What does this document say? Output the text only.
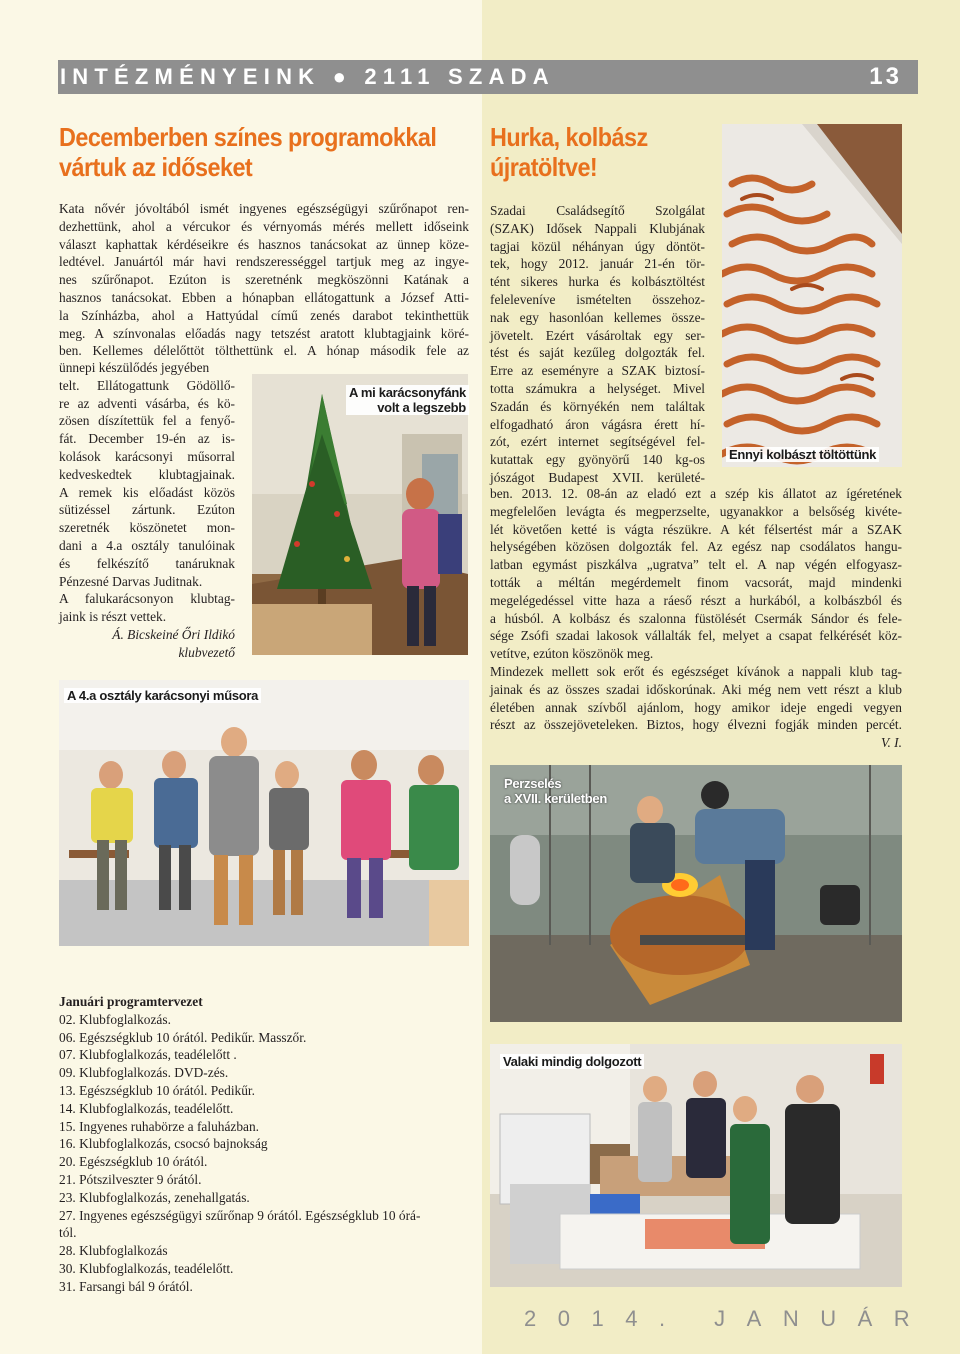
INTÉZMÉNYEINK ● 2111 SZADA	13
Decemberben színes programokkal
vártuk az időseket
Kata nővér jóvoltából ismét ingyenes egészségügyi szűrőnapot ren-
dezhettünk, ahol a vércukor és vérnyomás mérés mellett időseink
választ kaphattak kérdéseikre és hasznos tanácsokat az ünnep köze-
ledtével. Januártól már havi rendszerességgel tartjuk meg az ingye-
nes szűrőnapot. Ezúton is szeretnénk megköszönni Katának a
hasznos tanácsokat. Ebben a hónapban ellátogattunk a József Atti-
la Színházba, ahol a Hattyúdal című zenés darabot tekinthettük
meg. A színvonalas előadás nagy tetszést aratott klubtagjaink köré-
ben. Kellemes délelőttöt tölthettünk el. A hónap második fele az
ünnepi készülődés jegyében
telt. Ellátogattunk Gödöllő-
re az adventi vásárba, és kö-
zösen díszítettük fel a fenyő-
fát. December 19-én az is-
kolások karácsonyi műsorral
kedveskedtek klubtagjainak.
A remek kis előadást közös
sütizéssel zártunk. Ezúton
szeretnék köszönetet mon-
dani a 4.a osztály tanulóinak
és felkészítő tanáruknak
Pénzesné Darvas Juditnak.
A falukarácsonyon klubtag-
jaink is részt vettek.
Á. Bicskeiné Őri Ildikó
klubvezető
A mi karácsonyfánk
volt a legszebb
A 4.a osztály karácsonyi műsora
Januári programtervezet
02. Klubfoglalkozás.
06. Egészségklub 10 órától. Pedikűr. Masszőr.
07. Klubfoglalkozás, teadélelőtt .
09. Klubfoglalkozás. DVD-zés.
13. Egészségklub 10 órától. Pedikűr.
14. Klubfoglalkozás, teadélelőtt.
15. Ingyenes ruhabörze a faluházban.
16. Klubfoglalkozás, csocsó bajnokság
20. Egészségklub 10 órától.
21. Pótszilveszter 9 órától.
23. Klubfoglalkozás, zenehallgatás.
27. Ingyenes egészségügyi szűrőnap 9 órától. Egészségklub 10 órá-
tól.
28. Klubfoglalkozás
30. Klubfoglalkozás, teadélelőtt.
31. Farsangi bál 9 órától.
Hurka, kolbász
újratöltve!
Ennyi kolbászt töltöttünk
Szadai Családsegítő Szolgálat
(SZAK) Idősek Nappali Klubjának
tagjai közül néhányan úgy döntöt-
tek, hogy 2012. január 21-én tör-
tént sikeres hurka és kolbásztöltést
feleleveníve ismételten összehoz-
nak egy hasonlóan kellemes össze-
jövetelt. Ezért vásároltak egy ser-
tést és saját kezűleg dolgozták fel.
Erre az eseményre a SZAK biztosí-
totta számukra a helységet. Mivel
Szadán és környékén nem találtak
elfogadható áron vágásra érett hí-
zót, ezért internet segítségével fel-
kutattak egy gyönyörű 140 kg-os
jószágot Budapest XVII. kerületé-
ben. 2013. 12. 08-án az eladó ezt a szép kis állatot az ígéretének
megfelelően levágta és megperzselte, ugyanakkor a belsőség kivéte-
lét követően ketté is vágta részükre. A két félsertést már a SZAK
helységében közösen dolgozták fel. Az egész nap csodálatos hangu-
latban egymást piszkálva „ugratva” telt el. A nap végén elfogyasz-
tották a méltán megérdemelt finom vacsorát, majd mindenki
megelégedéssel vitte haza a ráeső részt a hurkából, a kolbászból és
a húsból. A kolbász és szalonna füstölését Csermák Sándor és fele-
sége Zsófi szadai lakosok vállalták fel, melyet a csapat felkérését köz-
vetítve, ezúton köszönök meg.
Mindezek mellett sok erőt és egészséget kívánok a nappali klub tag-
jainak és az összes szadai időskorúnak. Aki még nem vett részt a klub
életében annak szívből ajánlom, hogy amikor ideje engedi vegyen
részt az összejöveteleken. Biztos, hogy élvezni fogják minden percét.
V. I.
Perzselés
a XVII. kerületben
Valaki mindig dolgozott
2014. JANUÁR
